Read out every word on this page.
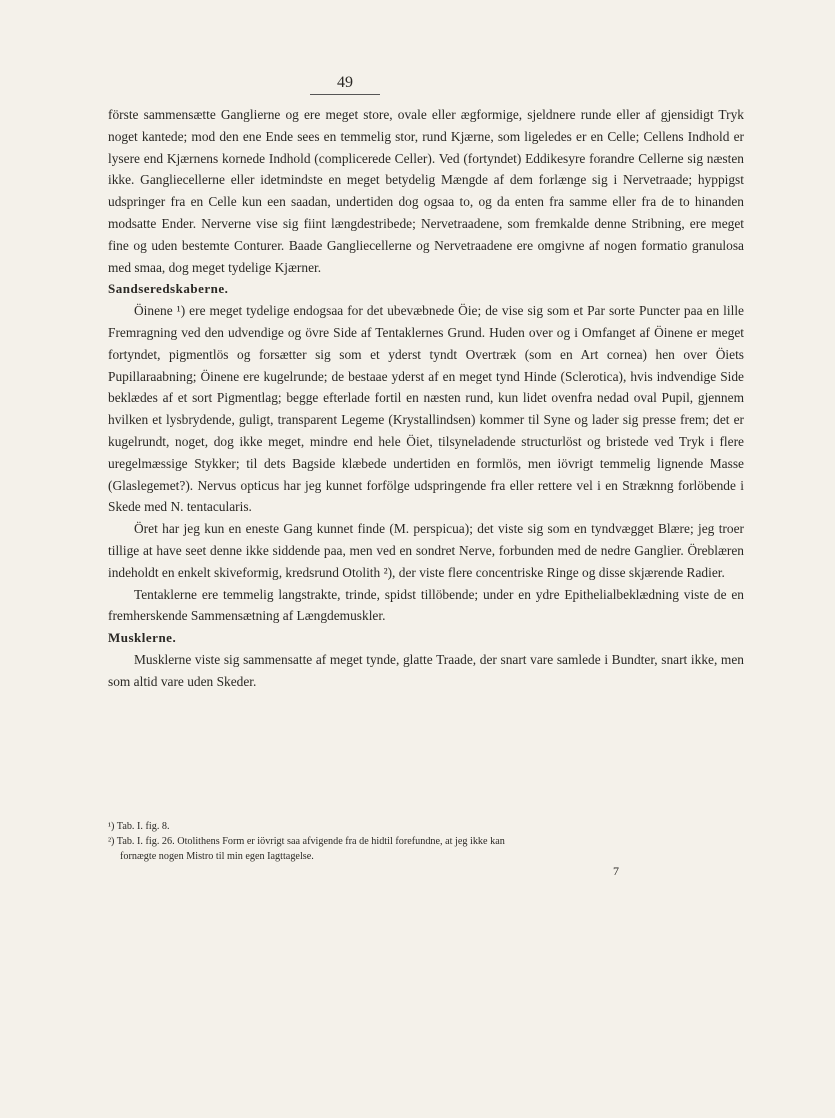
49

förste sammensætte Ganglierne og ere meget store, ovale eller ægformige, sjeldnere runde eller af gjensidigt Tryk noget kantede; mod den ene Ende sees en temmelig stor, rund Kjærne, som ligeledes er en Celle; Cellens Indhold er lysere end Kjærnens kornede Indhold (complicerede Celler). Ved (fortyndet) Eddikesyre forandre Cellerne sig næsten ikke. Gangliecellerne eller idetmindste en meget betydelig Mængde af dem forlænge sig i Nervetraade; hyppigst udspringer fra en Celle kun een saadan, undertiden dog ogsaa to, og da enten fra samme eller fra de to hinanden modsatte Ender. Nerverne vise sig fiint længdestribede; Nervetraadene, som fremkalde denne Stribning, ere meget fine og uden bestemte Conturer. Baade Gangliecellerne og Nervetraadene ere omgivne af nogen formatio granulosa med smaa, dog meget tydelige Kjærner.

Sandseredskaberne.

Öinene ¹) ere meget tydelige endogsaa for det ubevæbnede Öie; de vise sig som et Par sorte Puncter paa en lille Fremragning ved den udvendige og övre Side af Tentaklernes Grund. Huden over og i Omfanget af Öinene er meget fortyndet, pigmentlös og forsætter sig som et yderst tyndt Overtræk (som en Art cornea) hen over Öiets Pupillaraabning; Öinene ere kugelrunde; de bestaae yderst af en meget tynd Hinde (Sclerotica), hvis indvendige Side beklædes af et sort Pigmentlag; begge efterlade fortil en næsten rund, kun lidet ovenfra nedad oval Pupil, gjennem hvilken et lysbrydende, guligt, transparent Legeme (Krystallindsen) kommer til Syne og lader sig presse frem; det er kugelrundt, noget, dog ikke meget, mindre end hele Öiet, tilsyneladende structurlöst og bristede ved Tryk i flere uregelmæssige Stykker; til dets Bagside klæbede undertiden en formlös, men iövrigt temmelig lignende Masse (Glaslegemet?). Nervus opticus har jeg kunnet forfölge udspringende fra eller rettere vel i en Stræknng forlöbende i Skede med N. tentacularis.

Öret har jeg kun en eneste Gang kunnet finde (M. perspicua); det viste sig som en tyndvægget Blære; jeg troer tillige at have seet denne ikke siddende paa, men ved en sondret Nerve, forbunden med de nedre Ganglier. Öreblæren indeholdt en enkelt skiveformig, kredsrund Otolith ²), der viste flere concentriske Ringe og disse skjærende Radier.

Tentaklerne ere temmelig langstrakte, trinde, spidst tillöbende; under en ydre Epithelialbeklædning viste de en fremherskende Sammensætning af Længdemuskler.

Musklerne.

Musklerne viste sig sammensatte af meget tynde, glatte Traade, der snart vare samlede i Bundter, snart ikke, men som altid vare uden Skeder.

¹) Tab. I. fig. 8.

²) Tab. I. fig. 26. Otolithens Form er iövrigt saa afvigende fra de hidtil forefundne, at jeg ikke kan

fornægte nogen Mistro til min egen Iagttagelse.

7
